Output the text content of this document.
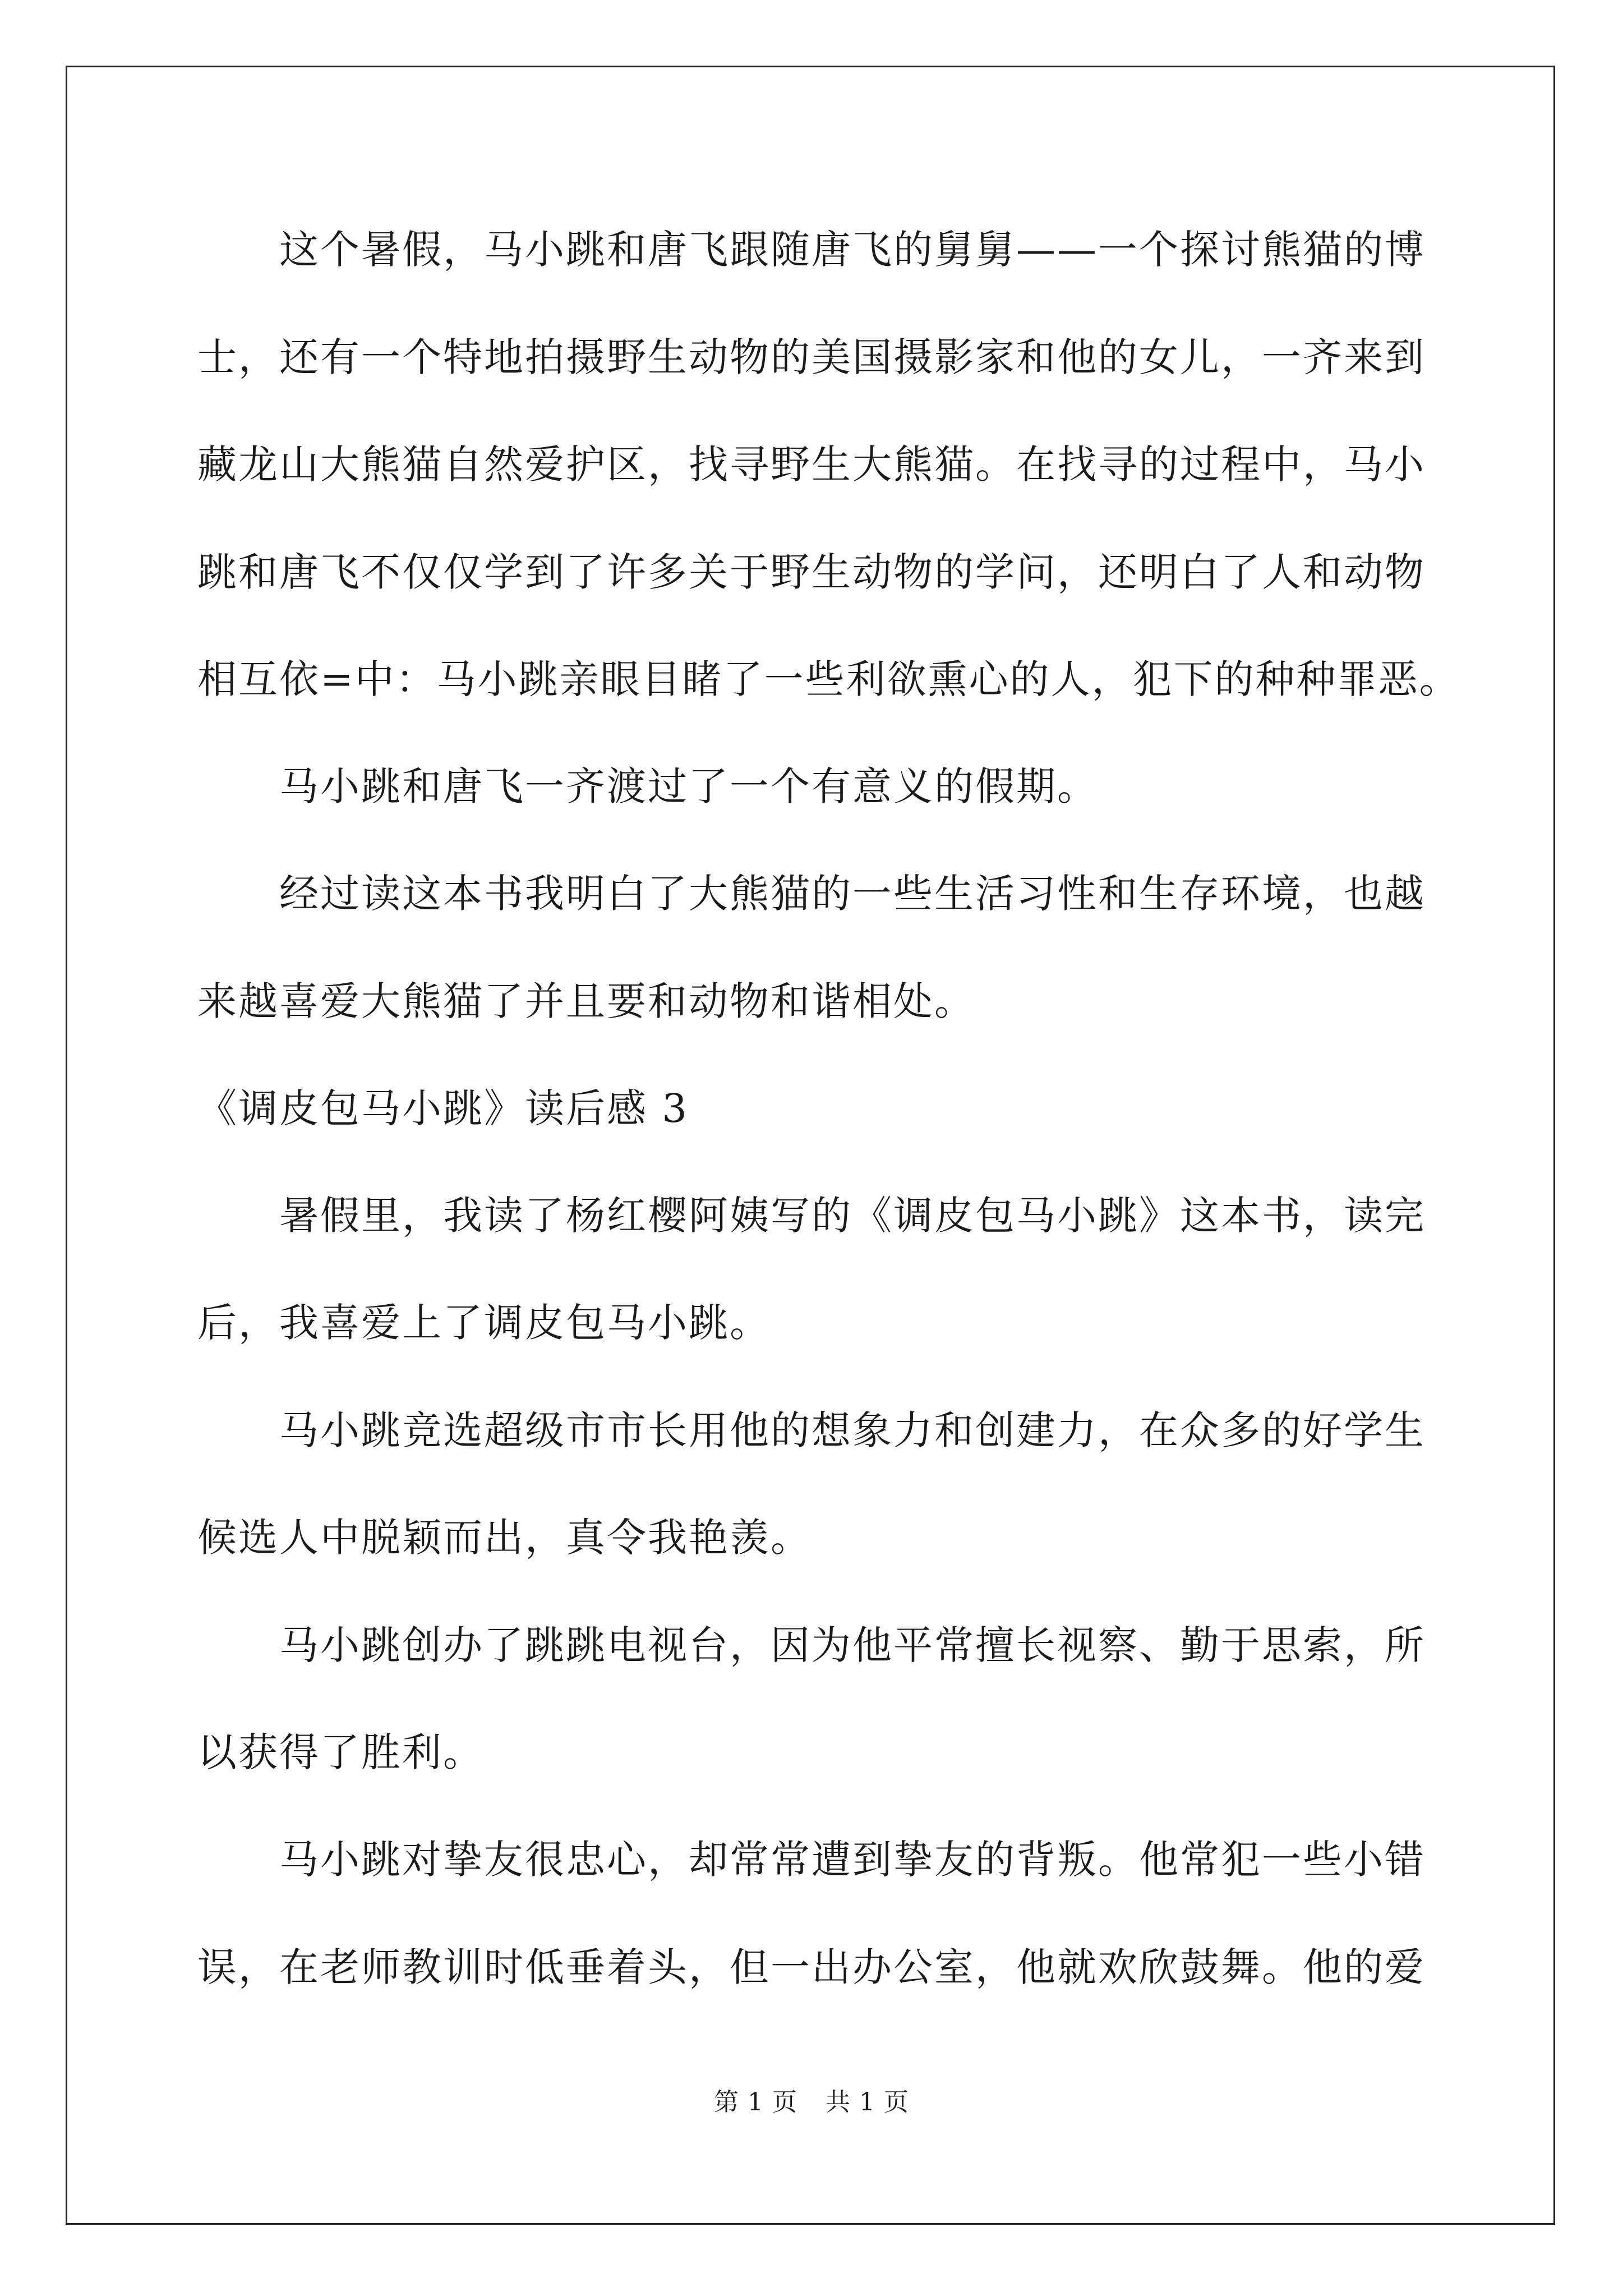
　　这个暑假，马小跳和唐飞跟随唐飞的舅舅——一个探讨熊猫的博
士，还有一个特地拍摄野生动物的美国摄影家和他的女儿，一齐来到
藏龙山大熊猫自然爱护区，找寻野生大熊猫。在找寻的过程中，马小
跳和唐飞不仅仅学到了许多关于野生动物的学问，还明白了人和动物
相互依=中：马小跳亲眼目睹了一些利欲熏心的人，犯下的种种罪恶。
　　马小跳和唐飞一齐渡过了一个有意义的假期。
　　经过读这本书我明白了大熊猫的一些生活习性和生存环境，也越
来越喜爱大熊猫了并且要和动物和谐相处。
《调皮包马小跳》读后感 3
　　暑假里，我读了杨红樱阿姨写的《调皮包马小跳》这本书，读完
后，我喜爱上了调皮包马小跳。
　　马小跳竞选超级市市长用他的想象力和创建力，在众多的好学生
候选人中脱颖而出，真令我艳羡。
　　马小跳创办了跳跳电视台，因为他平常擅长视察、勤于思索，所
以获得了胜利。
　　马小跳对挚友很忠心，却常常遭到挚友的背叛。他常犯一些小错
误，在老师教训时低垂着头，但一出办公室，他就欢欣鼓舞。他的爱
第 1 页 共 1 页
